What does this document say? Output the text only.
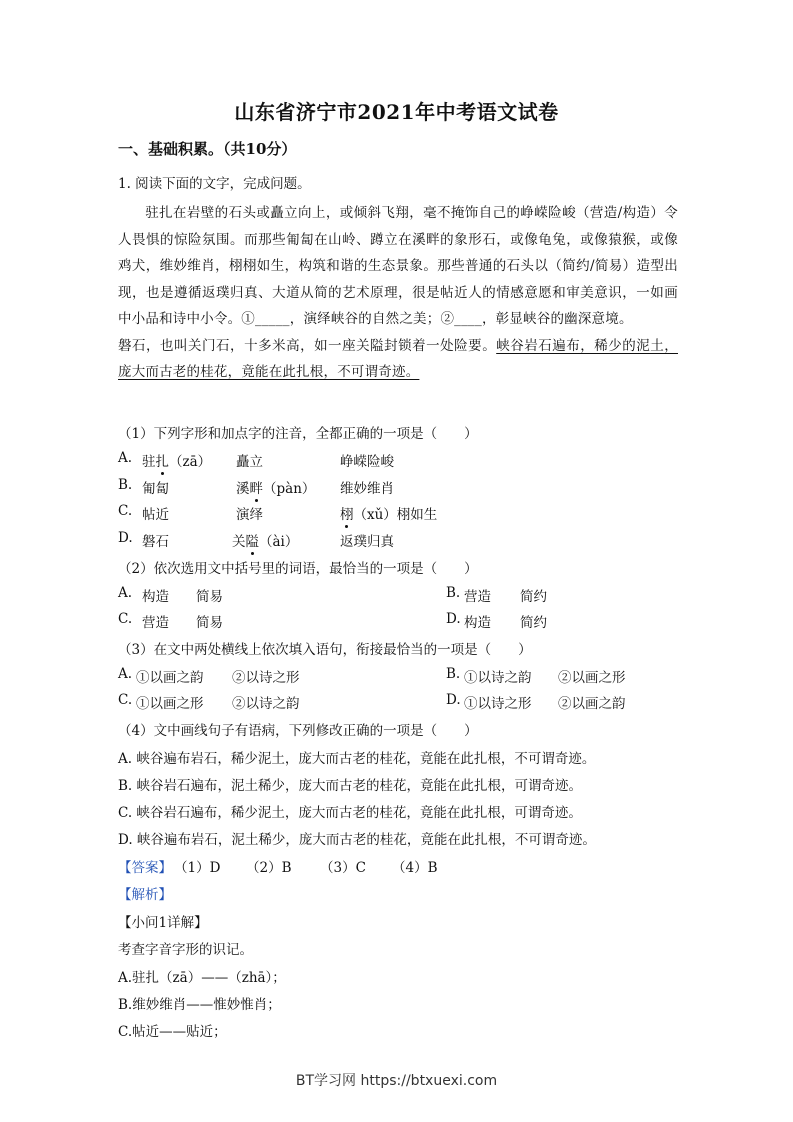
山东省济宁市2021年中考语文试卷
一、基础积累。（共10分）
1. 阅读下面的文字，完成问题。
驻扎在岩壁的石头或矗立向上，或倾斜飞翔，毫不掩饰自己的峥嵘险峻（营造/构造）令人畏惧的惊险氛围。而那些匍匐在山岭、蹲立在溪畔的象形石，或像龟兔，或像猿猴，或像鸡犬，维妙维肖，栩栩如生，构筑和谐的生态景象。那些普通的石头以（简约/简易）造型出现，也是遵循返璞归真、大道从简的艺术原理，很是帖近人的情感意愿和审美意识，一如画中小品和诗中小令。①_____，演绎峡谷的自然之美；②____，彰显峡谷的幽深意境。
磐石，也叫关门石，十多米高，如一座关隘封锁着一处险要。峡谷岩石遍布，稀少的泥土，庞大而古老的桂花，竟能在此扎根，不可谓奇迹。
（1）下列字形和加点字的注音，全都正确的一项是（　　）
A. 驻扎（zā） 矗立	峥嵘险峻
B. 匍匐	溪畔（pàn） 维妙维肖
C. 帖近	演绎	栩（xǔ）栩如生
D. 磐石	关隘（ài）	返璞归真
（2）依次选用文中括号里的词语，最恰当的一项是（　　）
A. 构造 简易	B. 营造 简约
C. 营造 简易	D. 构造 简约
（3）在文中两处横线上依次填入语句，衔接最恰当的一项是（　　）
A. ①以画之韵 ②以诗之形	B. ①以诗之韵 ②以画之形
C. ①以画之形 ②以诗之韵	D. ①以诗之形 ②以画之韵
（4）文中画线句子有语病，下列修改正确的一项是（　　）
A. 峡谷遍布岩石，稀少泥土，庞大而古老的桂花，竟能在此扎根，不可谓奇迹。
B. 峡谷岩石遍布，泥土稀少，庞大而古老的桂花，竟能在此扎根，可谓奇迹。
C. 峡谷岩石遍布，稀少泥土，庞大而古老的桂花，竟能在此扎根，可谓奇迹。
D. 峡谷遍布岩石，泥土稀少，庞大而古老的桂花，竟能在此扎根，不可谓奇迹。
【答案】 （1）D （2）B （3）C （4）B
【解析】
【小问1详解】
考查字音字形的识记。
A.驻扎（zā）——（zhā）；
B.维妙维肖——惟妙惟肖；
C.帖近——贴近；
BT学习网 https://btxuexi.com
